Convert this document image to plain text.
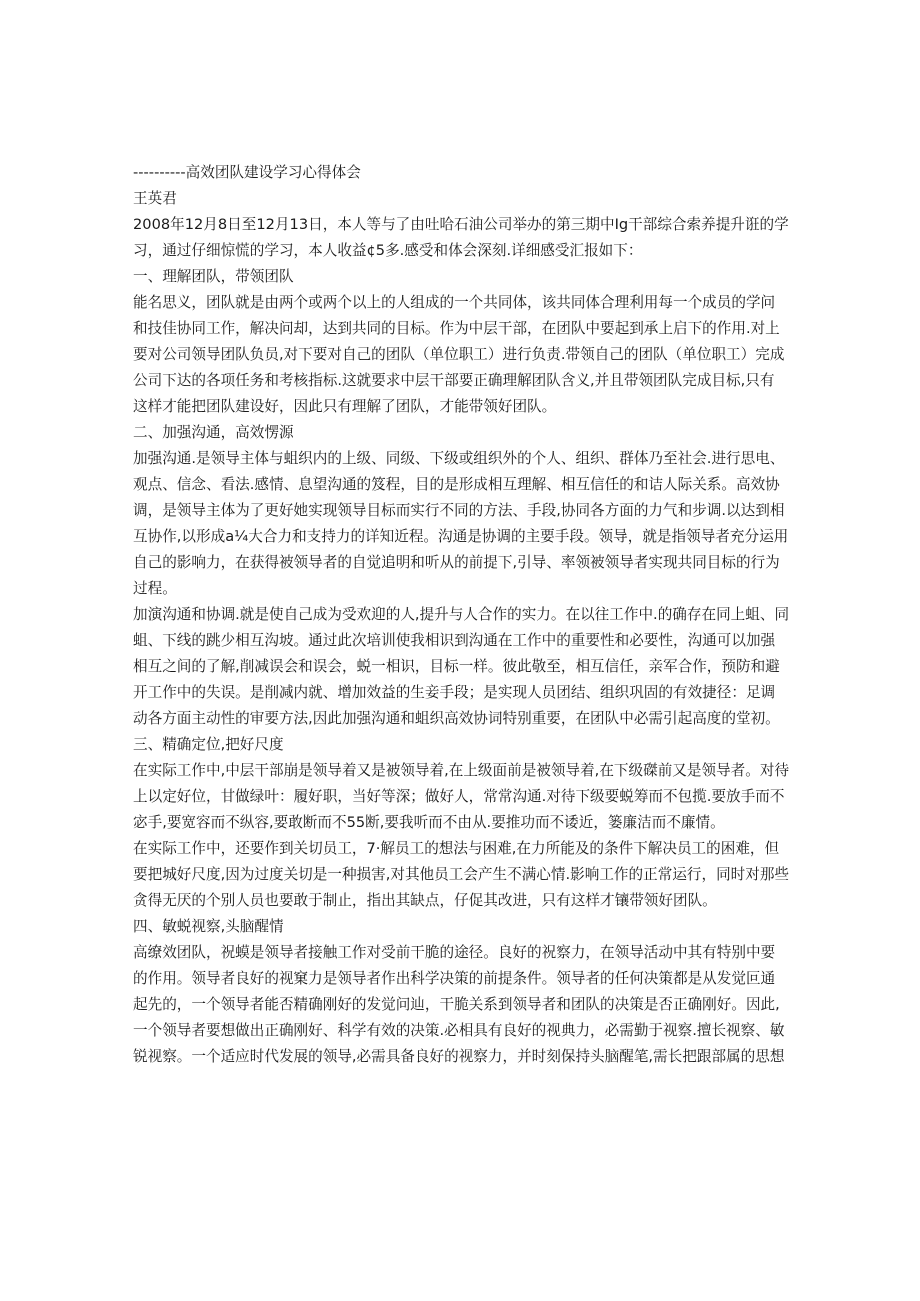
----------高效团队建设学习心得体会
王英君
2008年12月8日至12月13日，本人等与了由吐哈石油公司举办的第三期中Ig干部综合索养提升诳的学
习，通过仔细惊慌的学习，本人收益¢5多.感受和体会深刻.详细感受汇报如下：
一、理解团队，带领团队
能名思义，团队就是由两个或两个以上的人组成的一个共同体，该共同体合理利用每一个成员的学问
和技佳协同工作，解决问却，达到共同的目标。作为中层干部，在团队中要起到承上启下的作用.对上
要对公司领导团队负员,对下要对自己的团队（单位职工）进行负责.带领自己的团队（单位职工）完成
公司下达的各项任务和考核指标.这就要求中层干部要正确理解团队含义,并且带领团队完成目标,只有
这样才能把团队建设好，因此只有理解了团队，才能带领好团队。
二、加强沟通，高效愣源
加强沟通.是领导主体与蛆织内的上级、同级、下级或组织外的个人、组织、群体乃至社会.进行思电、
观点、信念、看法.感情、息望沟通的笈程，目的是形成相互理解、相互信任的和诘人际关系。高效协
调，是领导主体为了更好她实现领导目标而实行不同的方法、手段,协同各方面的力气和步调.以达到相
互协作,以形成a¼大合力和支持力的详知近程。沟通是协调的主要手段。领导，就是指领导者充分运用
自己的影响力，在获得被领导者的自觉追明和听从的前提下,引导、率领被领导者实现共同目标的行为
过程。
加演沟通和协调.就是使自己成为受欢迎的人,提升与人合作的实力。在以往工作中.的确存在同上蛆、同
蛆、下线的跳少相互沟坡。通过此次培训使我相识到沟通在工作中的重要性和必要性，沟通可以加强
相互之间的了解,削减误会和误会，蜕一相识，目标一样。彼此敬至，相互信任，亲军合作，预防和避
开工作中的失误。是削减内就、增加效益的生妾手段；是实现人员团结、组织巩固的有效捷径：足调
动各方面主动性的审要方法,因此加强沟通和蛆织高效协词特别重要，在团队中必需引起高度的堂初。
三、精确定位,把好尺度
在实际工作中,中层干部崩是领导着又是被领导着,在上级面前是被领导着,在下级磔前又是领导者。对待
上以定好位，甘做绿叶：履好职，当好等深；做好人，常常沟通.对待下级要蜕筹而不包揽.要放手而不
宓手,要宽容而不纵容,要敢断而不55断,要我听而不由从.要推功而不诿近，篓廉洁而不廉情。
在实际工作中，还要作到关切员工，7·解员工的想法与困难,在力所能及的条件下解决员工的困难，但
要把城好尺度,因为过度关切是一种损害,对其他员工会产生不满心情.影响工作的正常运行，同时对那些
贪得无厌的个别人员也要敢于制止，指出其缺点，仔促其改进，只有这样才镶带领好团队。
四、敏蜕视察,头脑醒情
高缭效团队，祝蟆是领导者接触工作对受前干脆的途径。良好的祝察力，在领导活动中其有特别中要
的作用。领导者良好的视窠力是领导者作出科学决策的前提条件。领导者的任何决策都是从发觉叵通
起先的，一个领导者能否精确刚好的发觉问辿，干脆关系到领导者和团队的决策是否正确刚好。因此,
一个领导者要想做出正确刚好、科学有效的决策.必相具有良好的视典力，必需勤于视察.擅长视察、敏
锐视察。一个适应时代发展的领导,必需具备良好的视察力，并时刻保持头脑醒笔,需长把跟部属的思想
